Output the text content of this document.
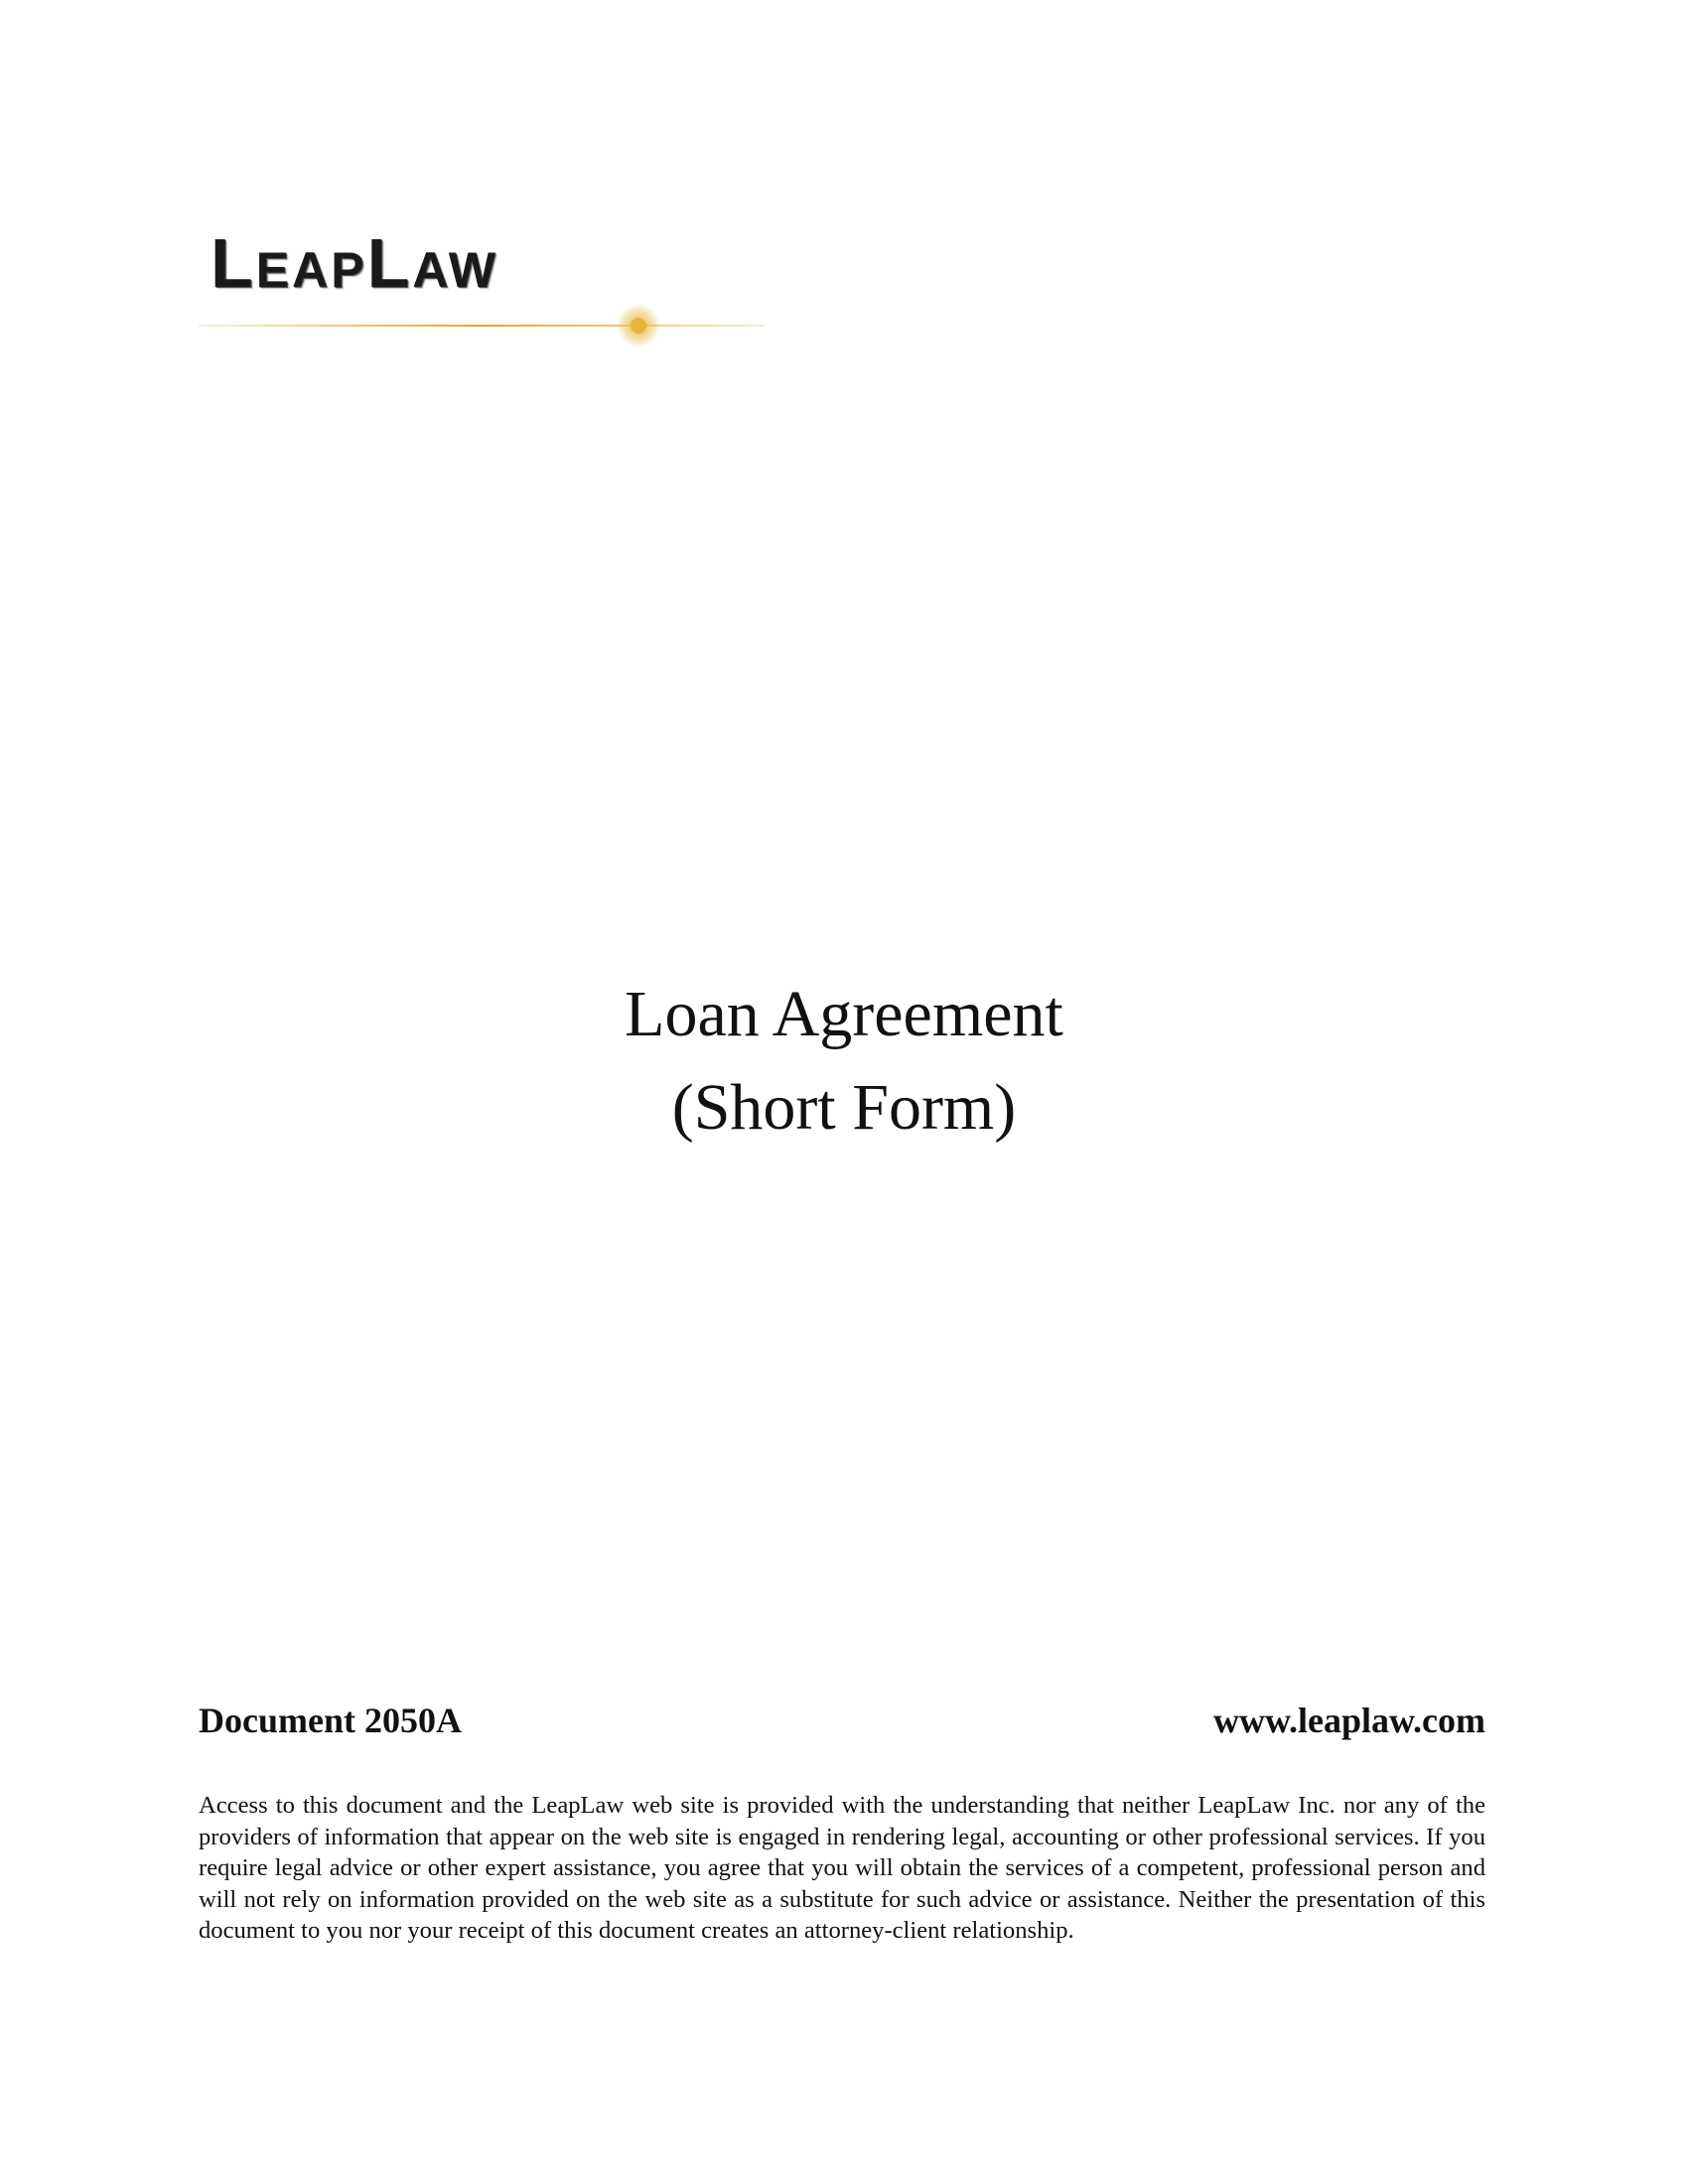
LEAPLAW
Loan Agreement
(Short Form)
Document 2050A	www.leaplaw.com

Access to this document and the LeapLaw web site is provided with the understanding that neither LeapLaw Inc. nor any of the providers of information that appear on the web site is engaged in rendering legal, accounting or other professional services. If you require legal advice or other expert assistance, you agree that you will obtain the services of a competent, professional person and will not rely on information provided on the web site as a substitute for such advice or assistance. Neither the presentation of this document to you nor your receipt of this document creates an attorney-client relationship.
